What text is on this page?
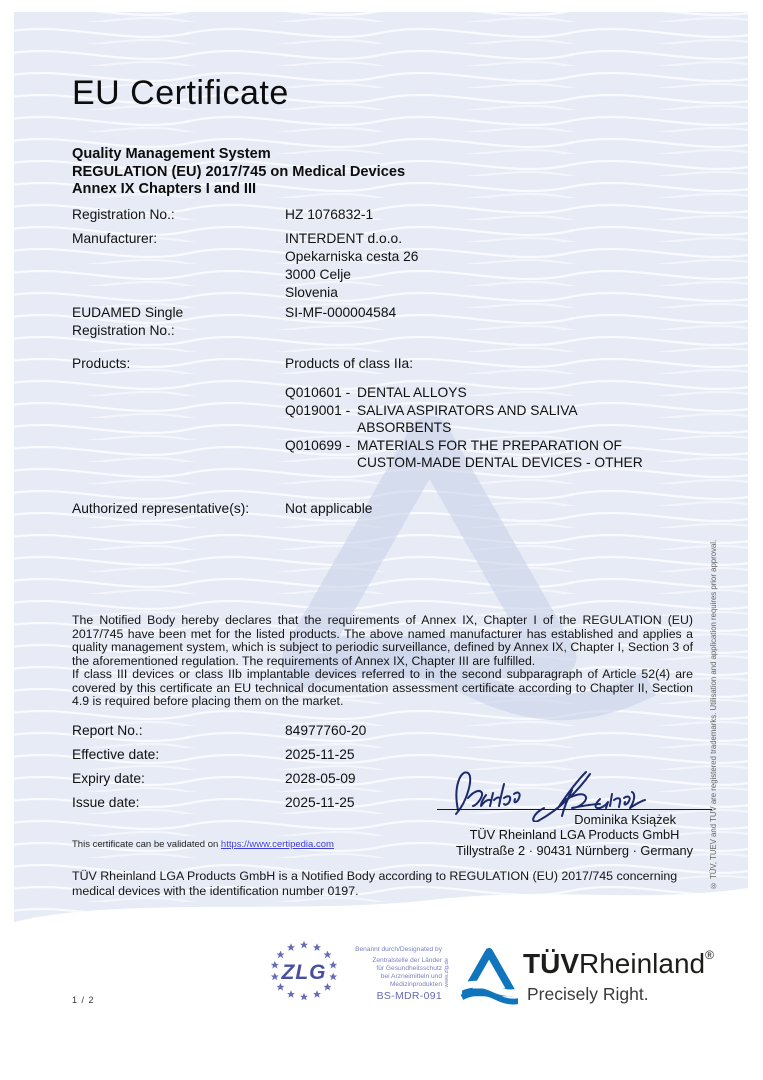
EU Certificate
Quality Management System
REGULATION (EU) 2017/745 on Medical Devices
Annex IX Chapters I and III
Registration No.:	HZ 1076832-1
Manufacturer:	INTERDENT d.o.o.
Opekarniska cesta 26
3000 Celje
Slovenia
EUDAMED Single
Registration No.:
SI-MF-000004584
Products:	Products of class IIa:
Q010601 - DENTAL ALLOYS
Q019001 - SALIVA ASPIRATORS AND SALIVA
ABSORBENTS
Q010699 - MATERIALS FOR THE PREPARATION OF
CUSTOM-MADE DENTAL DEVICES - OTHER
Authorized representative(s):	Not applicable
The Notified Body hereby declares that the requirements of Annex IX, Chapter I of the REGULATION (EU) 2017/745 have been met for the listed products. The above named manufacturer has established and applies a quality management system, which is subject to periodic surveillance, defined by Annex IX, Chapter I, Section 3 of the aforementioned regulation. The requirements of Annex IX, Chapter III are fulfilled.
If class III devices or class IIb implantable devices referred to in the second subparagraph of Article 52(4) are covered by this certificate an EU technical documentation assessment certificate according to Chapter II, Section 4.9 is required before placing them on the market.
Report No.:	84977760-20
Effective date:	2025-11-25
Expiry date:	2028-05-09
Issue date:	2025-11-25
Dominika Książek
TÜV Rheinland LGA Products GmbH
Tillystraße 2 · 90431 Nürnberg · Germany
This certificate can be validated on https://www.certipedia.com
TÜV Rheinland LGA Products GmbH is a Notified Body according to REGULATION (EU) 2017/745 concerning medical devices with the identification number 0197.
® TÜV, TUEV and TUV are registered trademarks. Utilisation and application requires prior approval.
ZLG
Benannt durch/Designated by
Zentralstelle der Länder
für Gesundheitsschutz
bei Arzneimitteln und
Medizinprodukten www.zlg.de
BS-MDR-091
TÜVRheinland®
Precisely Right.
1 / 2
